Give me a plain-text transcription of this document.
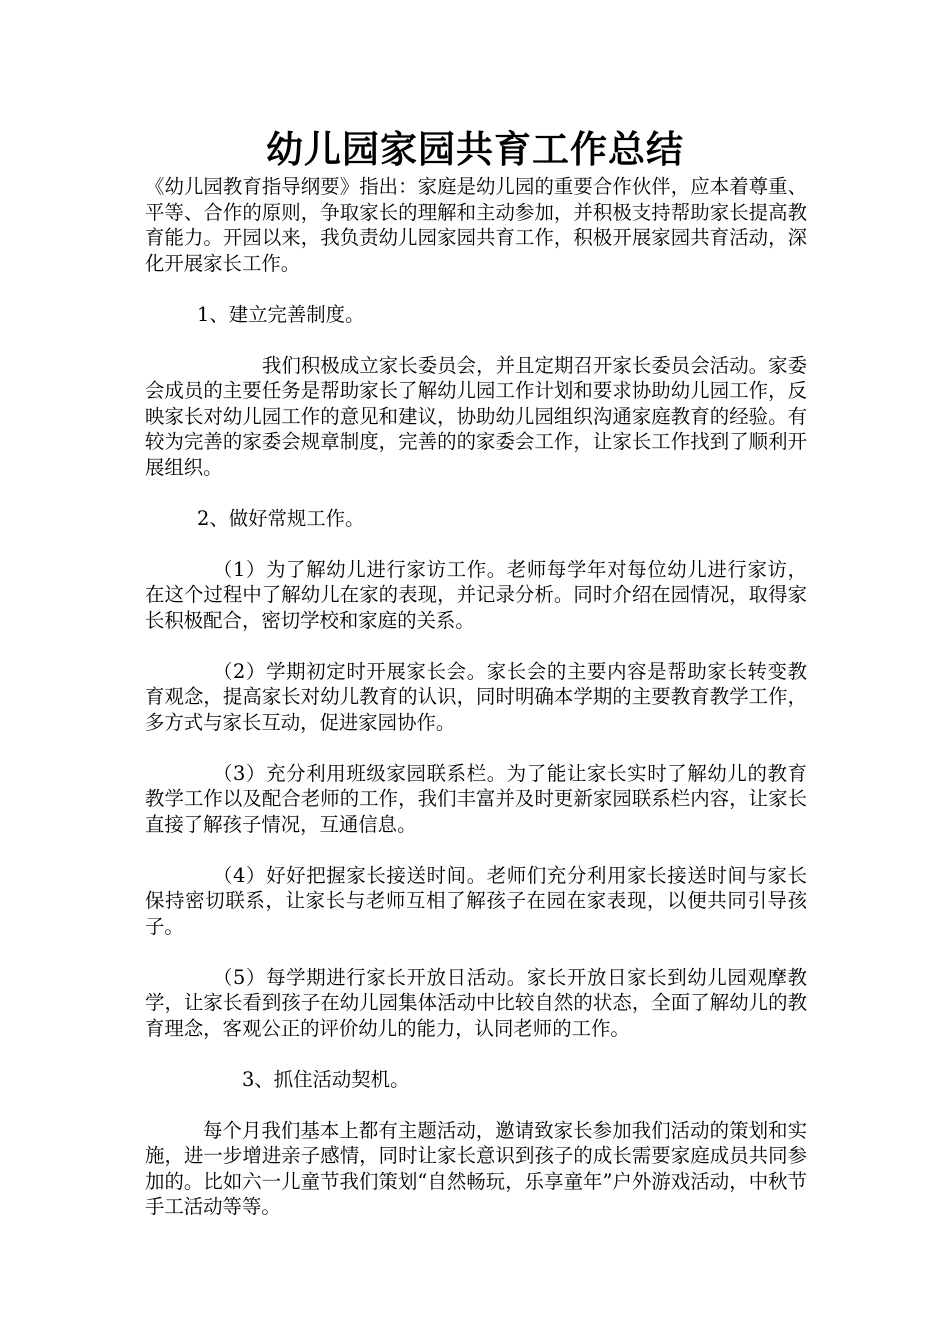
幼儿园家园共育工作总结

《幼儿园教育指导纲要》指出：家庭是幼儿园的重要合作伙伴，应本着尊重、平等、合作的原则，争取家长的理解和主动参加，并积极支持帮助家长提高教育能力。开园以来，我负责幼儿园家园共育工作，积极开展家园共育活动，深化开展家长工作。

1、建立完善制度。

我们积极成立家长委员会，并且定期召开家长委员会活动。家委会成员的主要任务是帮助家长了解幼儿园工作计划和要求协助幼儿园工作，反映家长对幼儿园工作的意见和建议，协助幼儿园组织沟通家庭教育的经验。有较为完善的家委会规章制度，完善的的家委会工作，让家长工作找到了顺利开展组织。

2、做好常规工作。

（1）为了解幼儿进行家访工作。老师每学年对每位幼儿进行家访，在这个过程中了解幼儿在家的表现，并记录分析。同时介绍在园情况，取得家长积极配合，密切学校和家庭的关系。

（2）学期初定时开展家长会。家长会的主要内容是帮助家长转变教育观念，提高家长对幼儿教育的认识，同时明确本学期的主要教育教学工作，多方式与家长互动，促进家园协作。

（3）充分利用班级家园联系栏。为了能让家长实时了解幼儿的教育教学工作以及配合老师的工作，我们丰富并及时更新家园联系栏内容，让家长直接了解孩子情况，互通信息。

（4）好好把握家长接送时间。老师们充分利用家长接送时间与家长保持密切联系，让家长与老师互相了解孩子在园在家表现，以便共同引导孩子。

（5）每学期进行家长开放日活动。家长开放日家长到幼儿园观摩教学，让家长看到孩子在幼儿园集体活动中比较自然的状态，全面了解幼儿的教育理念，客观公正的评价幼儿的能力，认同老师的工作。

3、抓住活动契机。

每个月我们基本上都有主题活动，邀请致家长参加我们活动的策划和实施，进一步增进亲子感情，同时让家长意识到孩子的成长需要家庭成员共同参加的。比如六一儿童节我们策划“自然畅玩，乐享童年”户外游戏活动，中秋节手工活动等等。
